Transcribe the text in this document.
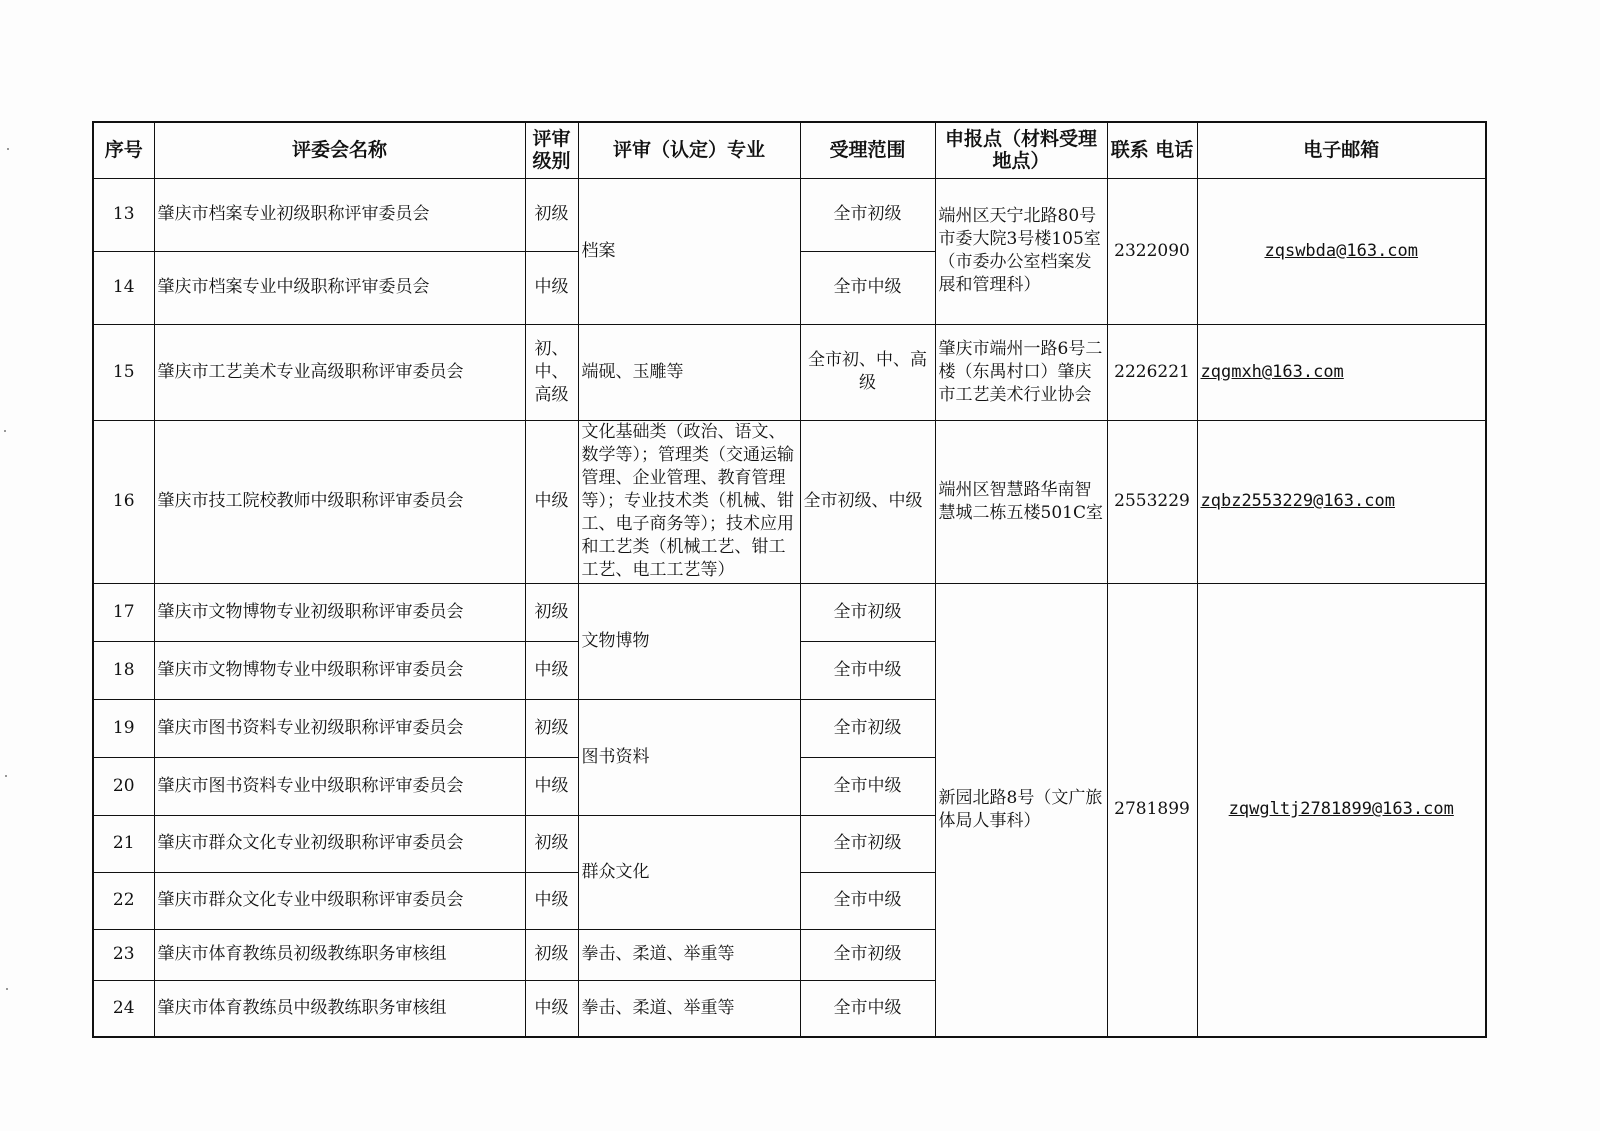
序号	评委会名称	评审级别	评审（认定）专业	受理范围	申报点（材料受理地点）	联系 电话	电子邮箱
13	肇庆市档案专业初级职称评审委员会	初级	档案	全市初级	端州区天宁北路80号市委大院3号楼105室（市委办公室档案发展和管理科）	2322090	zqswbda@163.com
14	肇庆市档案专业中级职称评审委员会	中级		全市中级			
15	肇庆市工艺美术专业高级职称评审委员会	初、中、高级	端砚、玉雕等	全市初、中、高级	肇庆市端州一路6号二楼（东禺村口）肇庆市工艺美术行业协会	2226221	zqgmxh@163.com
16	肇庆市技工院校教师中级职称评审委员会	中级	文化基础类（政治、语文、数学等）；管理类（交通运输管理、企业管理、教育管理等）；专业技术类（机械、钳工、电子商务等）；技术应用和工艺类（机械工艺、钳工工艺、电工工艺等）	全市初级、中级	端州区智慧路华南智慧城二栋五楼501C室	2553229	zqbz2553229@163.com
17	肇庆市文物博物专业初级职称评审委员会	初级	文物博物	全市初级	新园北路8号（文广旅体局人事科）	2781899	zqwgltj2781899@163.com
18	肇庆市文物博物专业中级职称评审委员会	中级		全市中级			
19	肇庆市图书资料专业初级职称评审委员会	初级	图书资料	全市初级			
20	肇庆市图书资料专业中级职称评审委员会	中级		全市中级			
21	肇庆市群众文化专业初级职称评审委员会	初级	群众文化	全市初级			
22	肇庆市群众文化专业中级职称评审委员会	中级		全市中级			
23	肇庆市体育教练员初级教练职务审核组	初级	拳击、柔道、举重等	全市初级			
24	肇庆市体育教练员中级教练职务审核组	中级	拳击、柔道、举重等	全市中级			
